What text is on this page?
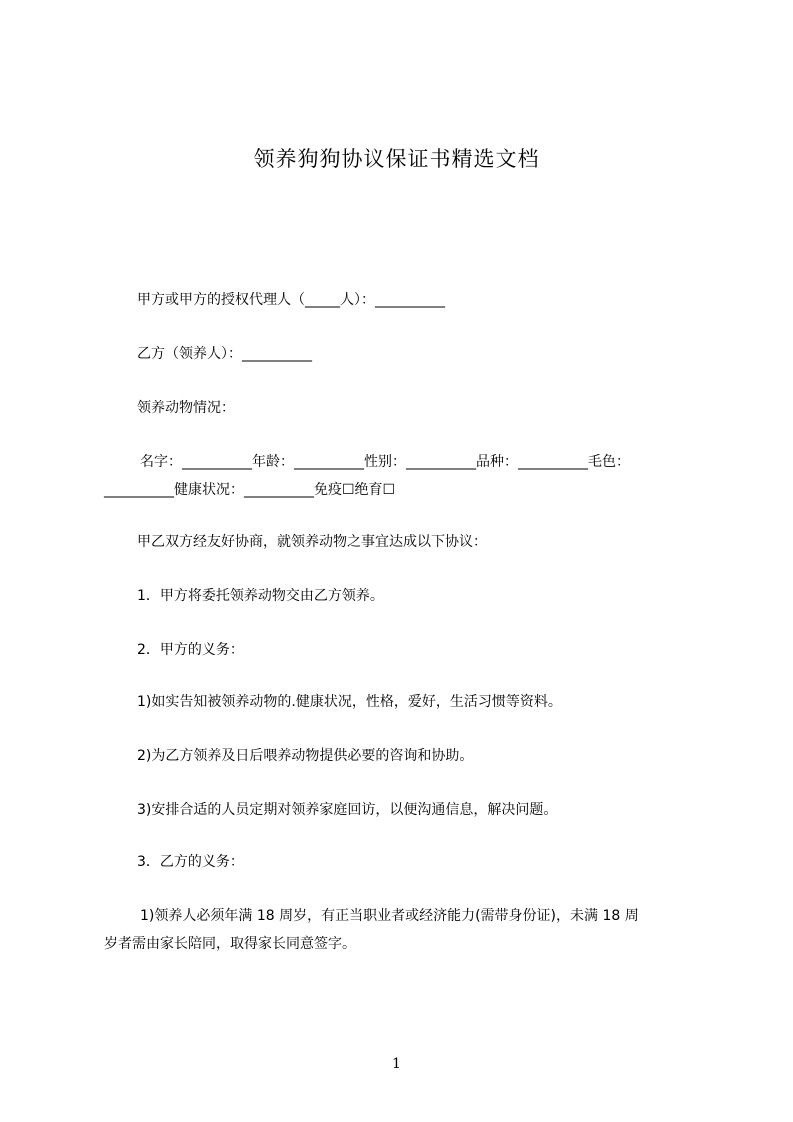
领养狗狗协议保证书精选文档
甲方或甲方的授权代理人（_____人）：__________
乙方（领养人）：__________
领养动物情况：
名字：__________年龄：__________性别：__________品种：__________毛色：
__________健康状况：__________免疫☐绝育☐
甲乙双方经友好协商，就领养动物之事宜达成以下协议：
1．甲方将委托领养动物交由乙方领养。
2．甲方的义务：
1)如实告知被领养动物的.健康状况，性格，爱好，生活习惯等资料。
2)为乙方领养及日后喂养动物提供必要的咨询和协助。
3)安排合适的人员定期对领养家庭回访，以便沟通信息，解决问题。
3．乙方的义务：
1)领养人必须年满 18 周岁，有正当职业者或经济能力(需带身份证)，未满 18 周
岁者需由家长陪同，取得家长同意签字。
1
